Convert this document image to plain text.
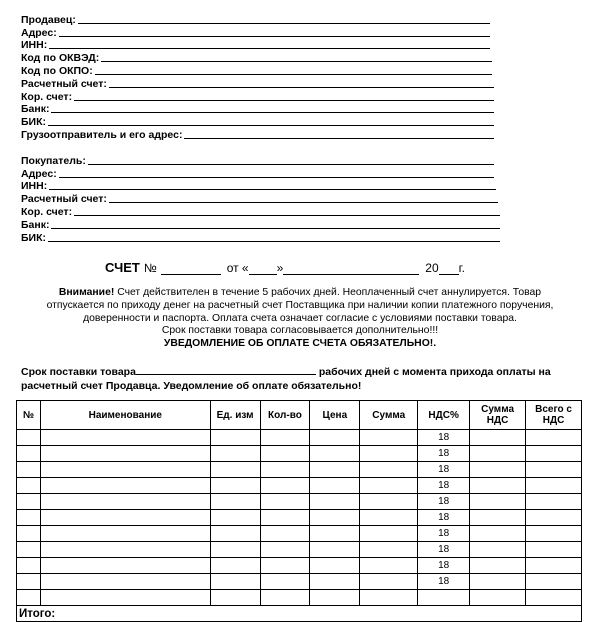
Продавец:
Адрес:
ИНН:
Код по ОКВЭД:
Код по ОКПО:
Расчетный счет:
Кор. счет:
Банк:
БИК:
Грузоотправитель и его адрес:
Покупатель:
Адрес:
ИНН:
Расчетный счет:
Кор. счет:
Банк:
БИК:
СЧЕТ №	от « »	20 г.

Внимание! Счет действителен в течение 5 рабочих дней. Неоплаченный счет аннулируется. Товар

отпускается по приходу денег на расчетный счет Поставщика при наличии копии платежного поручения,

доверенности и паспорта. Оплата счета означает согласие с условиями поставки товара.

Срок поставки товара согласовывается дополнительно!!!

УВЕДОМЛЕНИЕ ОБ ОПЛАТЕ СЧЕТА ОБЯЗАТЕЛЬНО!.

Срок поставки товара	рабочих дней с момента прихода оплаты на
расчетный счет Продавца. Уведомление об оплате обязательно!
№	Наименование	Ед. изм	Кол-во	Цена	Сумма	НДС%	Сумма НДС	Всего с НДС
						18		
						18		
						18		
						18		
						18		
						18		
						18		
						18		
						18		
						18		

Итого:								
